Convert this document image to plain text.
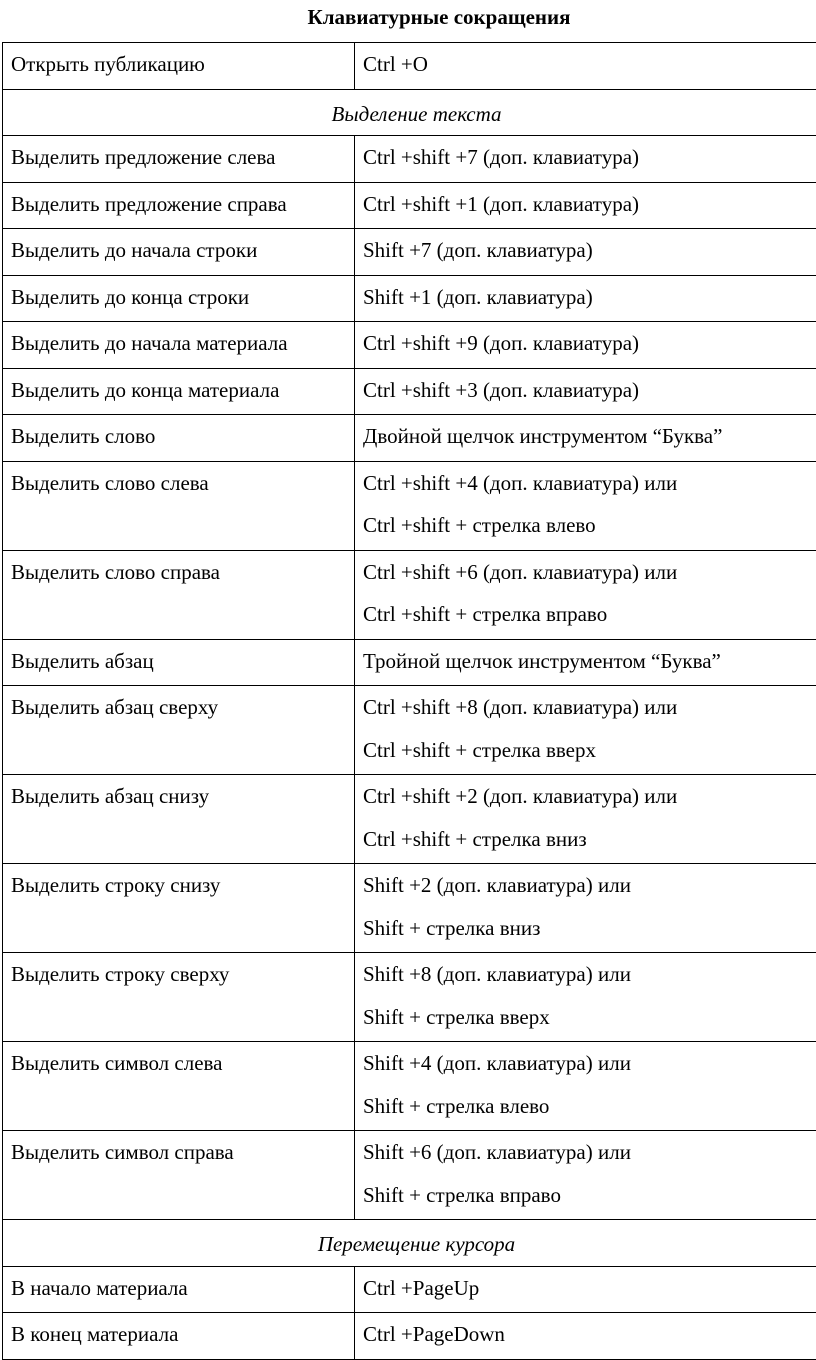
Клавиатурные сокращения
Открыть публикацию	Ctrl +O

Выделение текста	

Выделить предложение слева	Ctrl +shift +7 (доп. клавиатура)

Выделить предложение справа	Ctrl +shift +1 (доп. клавиатура)

Выделить до начала строки	Shift +7 (доп. клавиатура)

Выделить до конца строки	Shift +1 (доп. клавиатура)

Выделить до начала материала	Ctrl +shift +9 (доп. клавиатура)

Выделить до конца материала	Ctrl +shift +3 (доп. клавиатура)

Выделить слово	Двойной щелчок инструментом “Буква”

Выделить слово слева	Ctrl +shift +4 (доп. клавиатура) или
Ctrl +shift + стрелка влево

Выделить слово справа	Ctrl +shift +6 (доп. клавиатура) или
Ctrl +shift + стрелка вправо

Выделить абзац	Тройной щелчок инструментом “Буква”

Выделить абзац сверху	Ctrl +shift +8 (доп. клавиатура) или
Ctrl +shift + стрелка вверх

Выделить абзац снизу	Ctrl +shift +2 (доп. клавиатура) или
Ctrl +shift + стрелка вниз

Выделить строку снизу	Shift +2 (доп. клавиатура) или
Shift + стрелка вниз

Выделить строку сверху	Shift +8 (доп. клавиатура) или
Shift + стрелка вверх

Выделить символ слева	Shift +4 (доп. клавиатура) или
Shift + стрелка влево

Выделить символ справа	Shift +6 (доп. клавиатура) или
Shift + стрелка вправо

Перемещение курсора	

В начало материала	Ctrl +PageUp

В конец материала	Ctrl +PageDown
